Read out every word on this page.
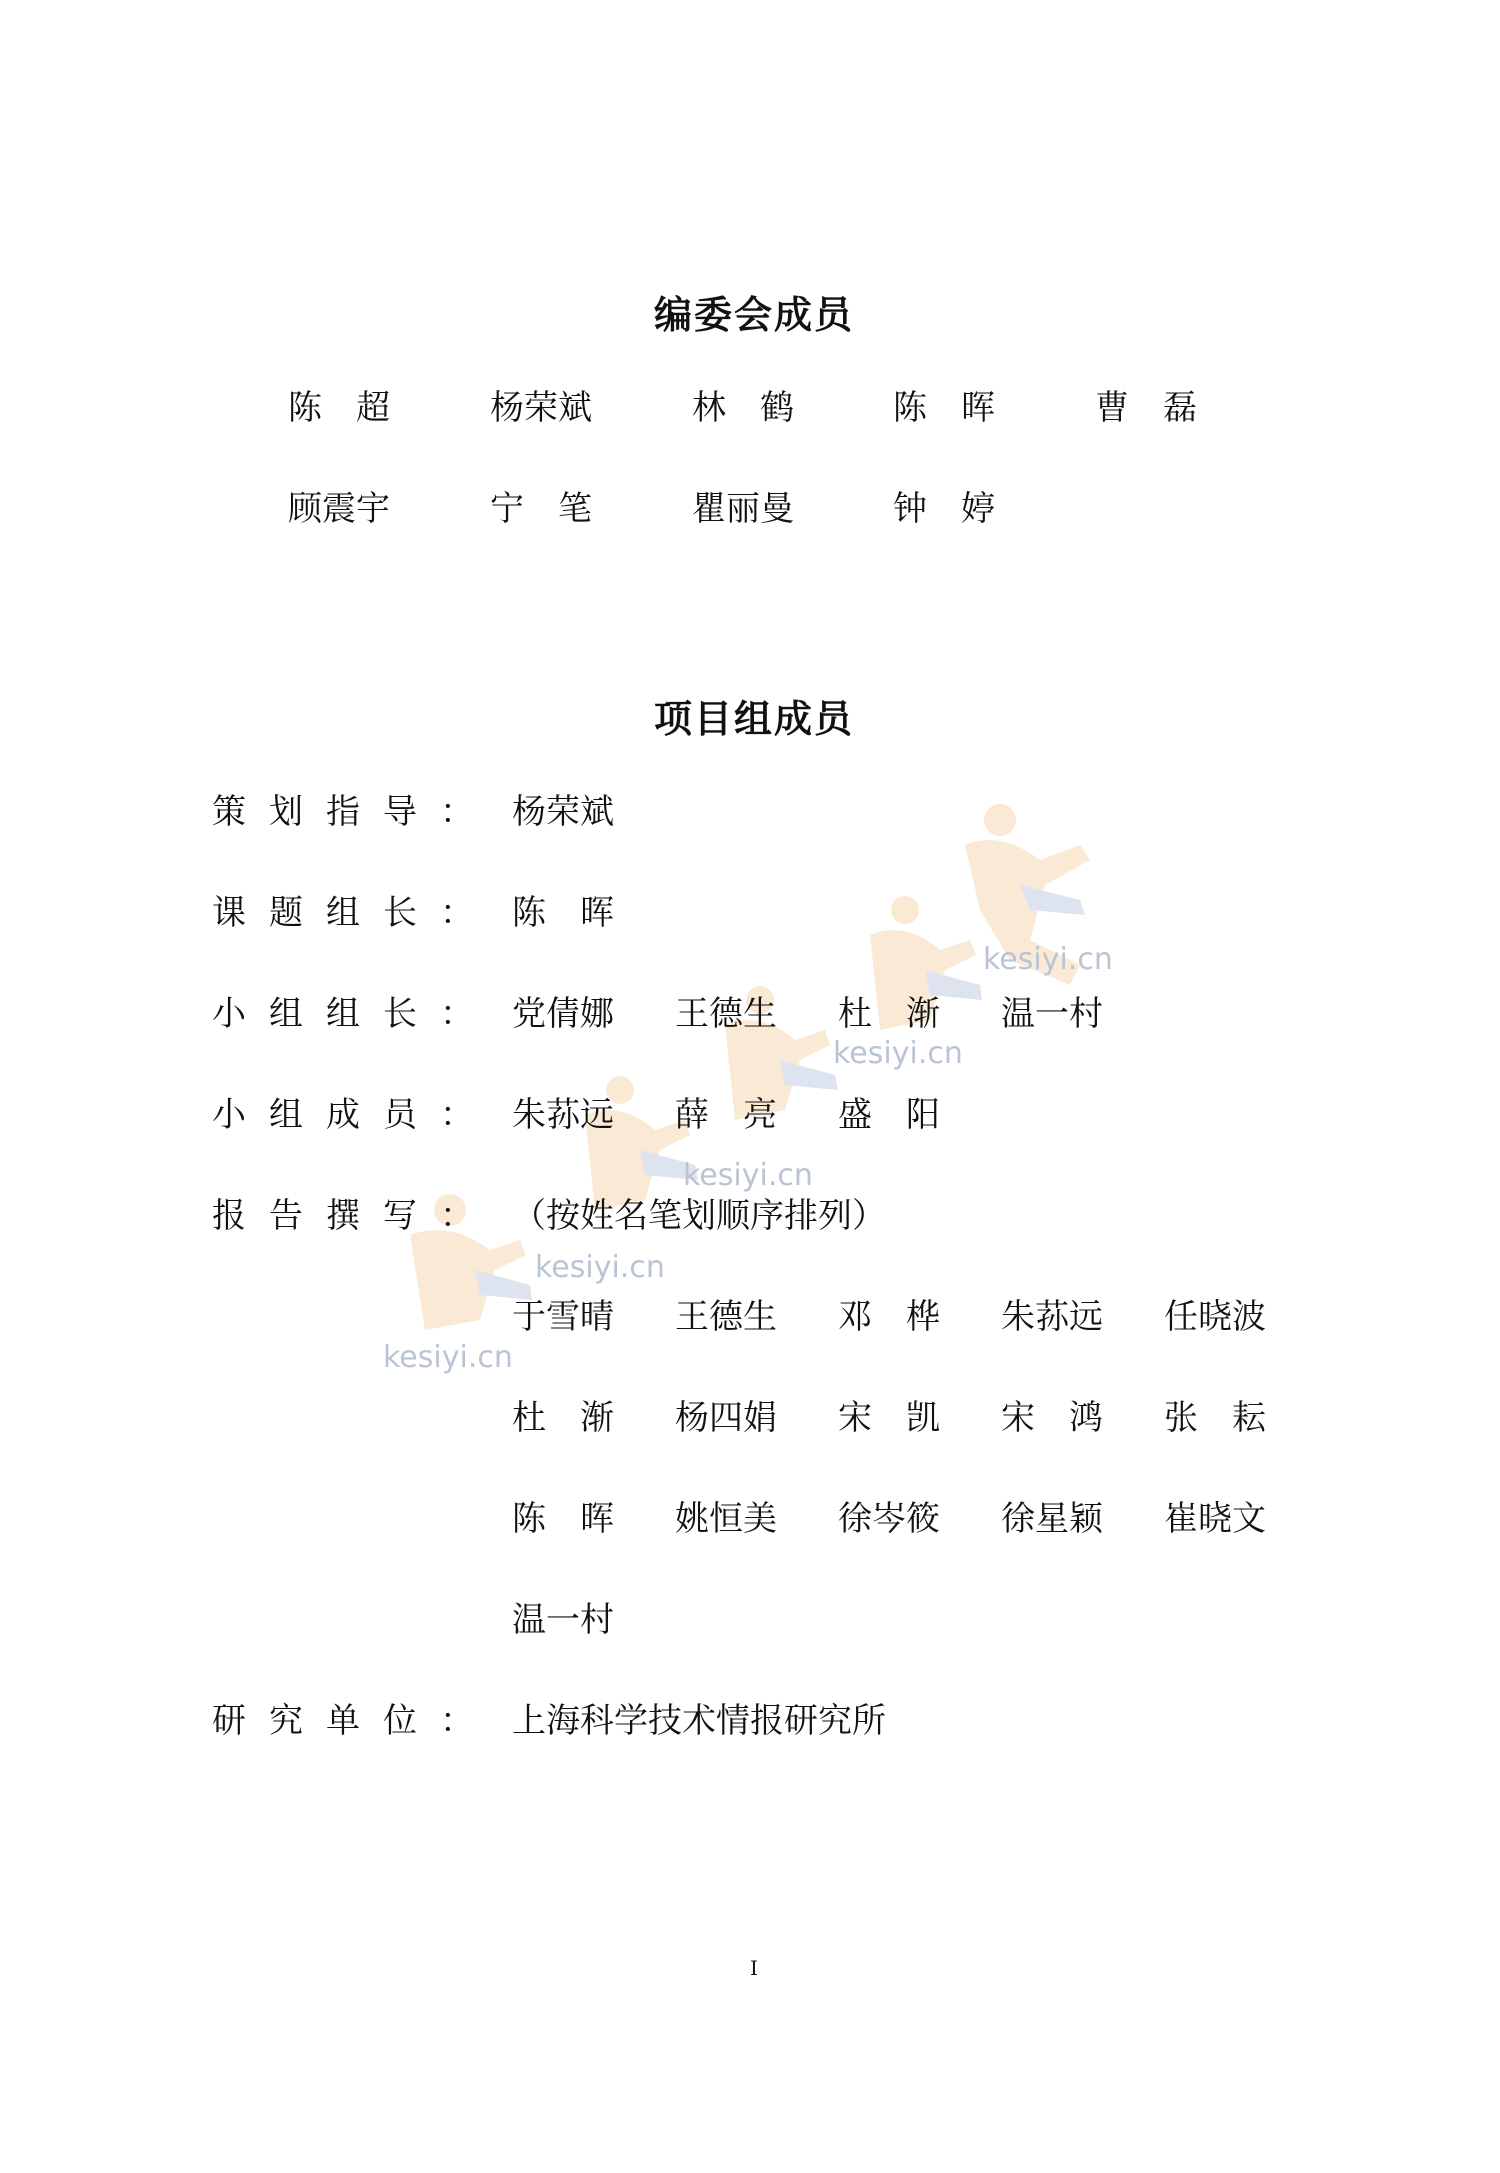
kesiyi.cn
kesiyi.cn
kesiyi.cn
kesiyi.cn
kesiyi.cn
编委会成员
陈　超	杨荣斌	林　鹤	陈　晖	曹　磊
顾震宇	宁　笔	瞿丽曼	钟　婷
项目组成员
策划指导： 杨荣斌
课题组长： 陈　晖
小组组长： 党倩娜 王德生 杜　渐 温一村
小组成员： 朱荪远 薛　亮 盛　阳
报告撰写： （按姓名笔划顺序排列）
于雪晴 王德生 邓　桦 朱荪远 任晓波
杜　渐 杨四娟 宋　凯 宋　鸿 张　耘
陈　晖 姚恒美 徐岑筱 徐星颖 崔晓文
温一村
研究单位： 上海科学技术情报研究所
I
